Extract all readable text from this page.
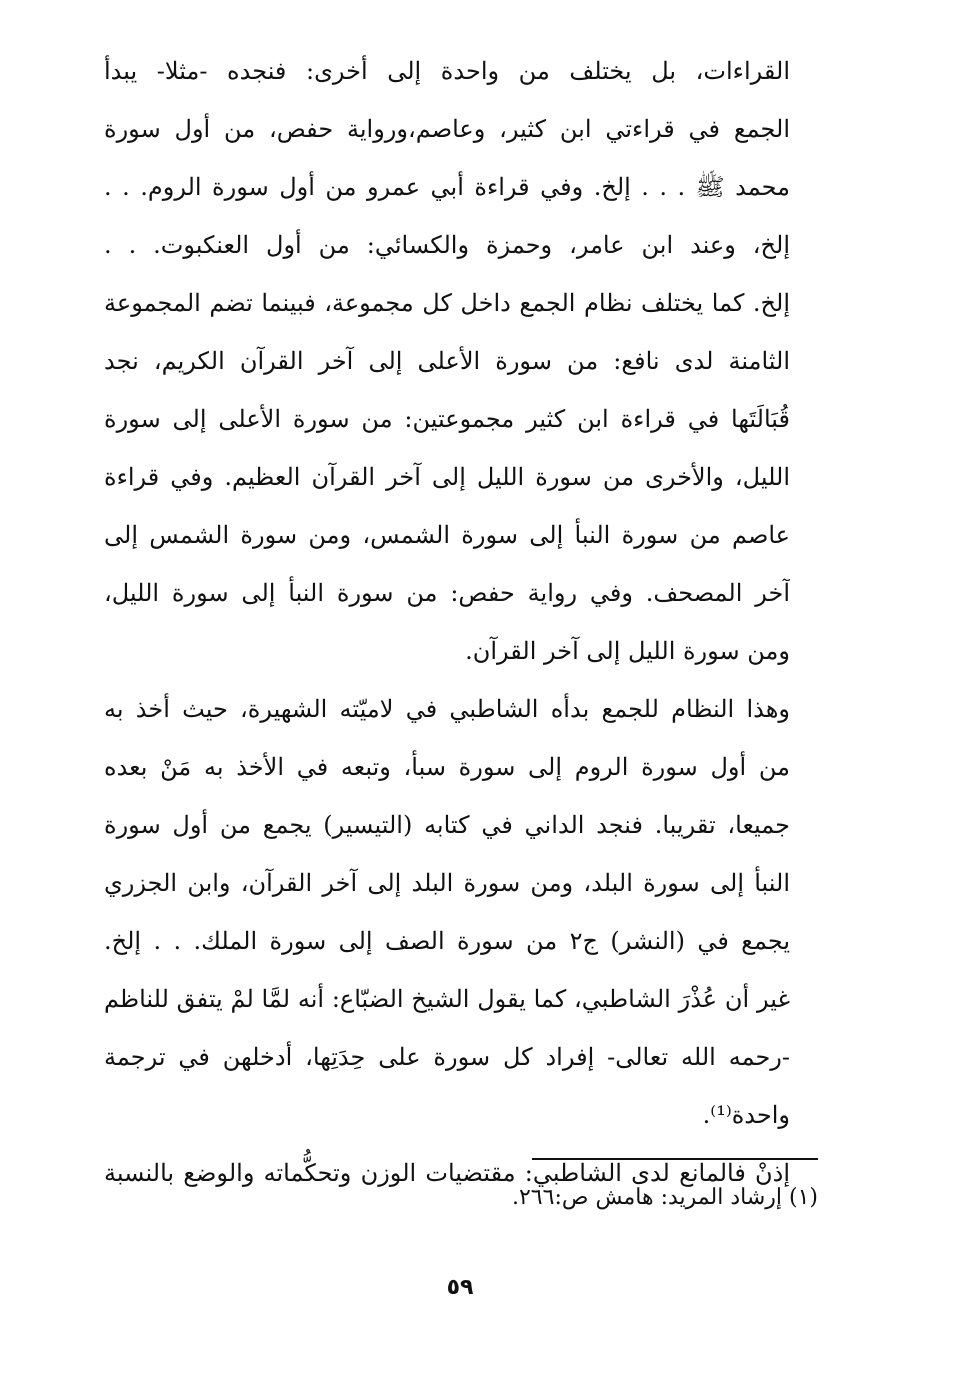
القراءات، بل يختلف من واحدة إلى أخرى: فنجده -مثلا- يبدأ
الجمع في قراءتي ابن كثير، وعاصم،ورواية حفص، من أول سورة
محمد ﷺ . . . إلخ. وفي قراءة أبي عمرو من أول سورة الروم. . .
إلخ، وعند ابن عامر، وحمزة والكسائي: من أول العنكبوت. . .
إلخ. كما يختلف نظام الجمع داخل كل مجموعة، فبينما تضم المجموعة
الثامنة لدى نافع: من سورة الأعلى إلى آخر القرآن الكريم، نجد
قُبَالَتَها في قراءة ابن كثير مجموعتين: من سورة الأعلى إلى سورة
الليل، والأخرى من سورة الليل إلى آخر القرآن العظيم. وفي قراءة
عاصم من سورة النبأ إلى سورة الشمس، ومن سورة الشمس إلى
آخر المصحف. وفي رواية حفص: من سورة النبأ إلى سورة الليل،
ومن سورة الليل إلى آخر القرآن.
وهذا النظام للجمع بدأه الشاطبي في لاميّته الشهيرة، حيث أخذ به
من أول سورة الروم إلى سورة سبأ، وتبعه في الأخذ به مَنْ بعده
جميعا، تقريبا. فنجد الداني في كتابه (التيسير) يجمع من أول سورة
النبأ إلى سورة البلد، ومن سورة البلد إلى آخر القرآن، وابن الجزري
يجمع في (النشر) ج٢ من سورة الصف إلى سورة الملك. . . إلخ.
غير أن عُذْرَ الشاطبي، كما يقول الشيخ الضبّاع: أنه لمَّا لمْ يتفق للناظم
-رحمه الله تعالى- إفراد كل سورة على حِدَتِها، أدخلهن في ترجمة
واحدة⁽¹⁾.
إذنْ فالمانع لدى الشاطبي: مقتضيات الوزن وتحكُّماته والوضع بالنسبة
(١) إرشاد المريد: هامش ص:٢٦٦.
٥٩
